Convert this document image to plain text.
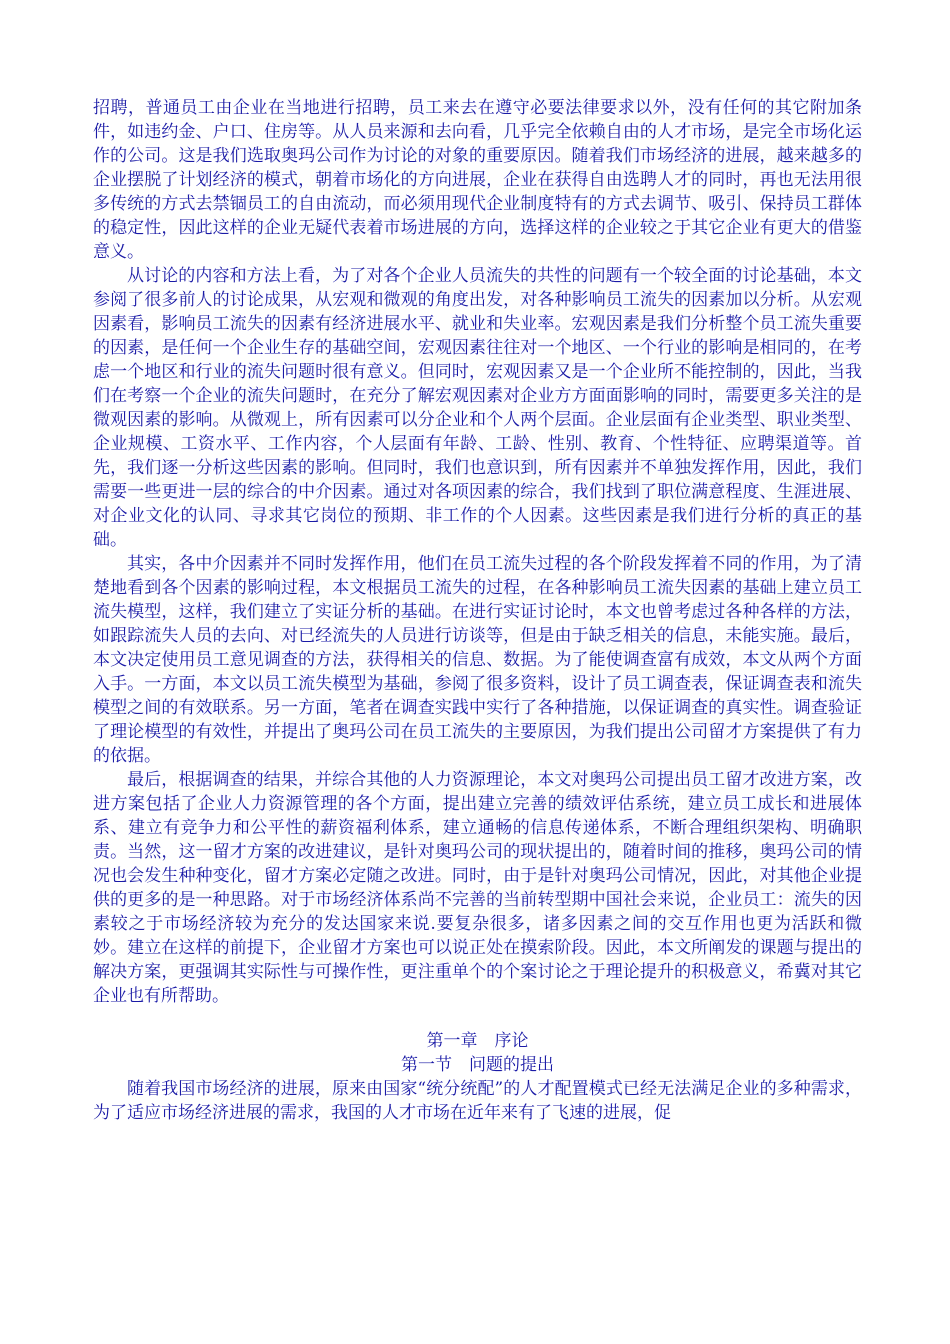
招聘，普通员工由企业在当地进行招聘，员工来去在遵守必要法律要求以外，没有任何的其它附加条件，如违约金、户口、住房等。从人员来源和去向看，几乎完全依赖自由的人才市场，是完全市场化运作的公司。这是我们选取奥玛公司作为讨论的对象的重要原因。随着我们市场经济的进展，越来越多的企业摆脱了计划经济的模式，朝着市场化的方向进展，企业在获得自由选聘人才的同时，再也无法用很多传统的方式去禁锢员工的自由流动，而必须用现代企业制度特有的方式去调节、吸引、保持员工群体的稳定性，因此这样的企业无疑代表着市场进展的方向，选择这样的企业较之于其它企业有更大的借鉴意义。

从讨论的内容和方法上看，为了对各个企业人员流失的共性的问题有一个较全面的讨论基础，本文参阅了很多前人的讨论成果，从宏观和微观的角度出发，对各种影响员工流失的因素加以分析。从宏观因素看，影响员工流失的因素有经济进展水平、就业和失业率。宏观因素是我们分析整个员工流失重要的因素，是任何一个企业生存的基础空间，宏观因素往往对一个地区、一个行业的影响是相同的，在考虑一个地区和行业的流失问题时很有意义。但同时，宏观因素又是一个企业所不能控制的，因此，当我们在考察一个企业的流失问题时，在充分了解宏观因素对企业方方面面影响的同时，需要更多关注的是微观因素的影响。从微观上，所有因素可以分企业和个人两个层面。企业层面有企业类型、职业类型、企业规模、工资水平、工作内容，个人层面有年龄、工龄、性别、教育、个性特征、应聘渠道等。首先，我们逐一分析这些因素的影响。但同时，我们也意识到，所有因素并不单独发挥作用，因此，我们需要一些更进一层的综合的中介因素。通过对各项因素的综合，我们找到了职位满意程度、生涯进展、对企业文化的认同、寻求其它岗位的预期、非工作的个人因素。这些因素是我们进行分析的真正的基础。

其实，各中介因素并不同时发挥作用，他们在员工流失过程的各个阶段发挥着不同的作用，为了清楚地看到各个因素的影响过程，本文根据员工流失的过程，在各种影响员工流失因素的基础上建立员工流失模型，这样，我们建立了实证分析的基础。在进行实证讨论时，本文也曾考虑过各种各样的方法，如跟踪流失人员的去向、对已经流失的人员进行访谈等，但是由于缺乏相关的信息，未能实施。最后，本文决定使用员工意见调查的方法，获得相关的信息、数据。为了能使调查富有成效，本文从两个方面入手。一方面，本文以员工流失模型为基础，参阅了很多资料，设计了员工调查表，保证调查表和流失模型之间的有效联系。另一方面，笔者在调查实践中实行了各种措施，以保证调查的真实性。调查验证了理论模型的有效性，并提出了奥玛公司在员工流失的主要原因，为我们提出公司留才方案提供了有力的依据。

最后，根据调查的结果，并综合其他的人力资源理论，本文对奥玛公司提出员工留才改进方案，改进方案包括了企业人力资源管理的各个方面，提出建立完善的绩效评估系统，建立员工成长和进展体系、建立有竞争力和公平性的薪资福利体系，建立通畅的信息传递体系，不断合理组织架构、明确职责。当然，这一留才方案的改进建议，是针对奥玛公司的现状提出的，随着时间的推移，奥玛公司的情况也会发生种种变化，留才方案必定随之改进。同时，由于是针对奥玛公司情况，因此，对其他企业提供的更多的是一种思路。对于市场经济体系尚不完善的当前转型期中国社会来说，企业员工：流失的因素较之于市场经济较为充分的发达国家来说.要复杂很多，诸多因素之间的交互作用也更为活跃和微妙。建立在这样的前提下，企业留才方案也可以说正处在摸索阶段。因此，本文所阐发的课题与提出的解决方案，更强调其实际性与可操作性，更注重单个的个案讨论之于理论提升的积极意义，希冀对其它企业也有所帮助。

第一章　序论

第一节　问题的提出

随着我国市场经济的进展，原来由国家“统分统配”的人才配置模式已经无法满足企业的多种需求，为了适应市场经济进展的需求，我国的人才市场在近年来有了飞速的进展，促
